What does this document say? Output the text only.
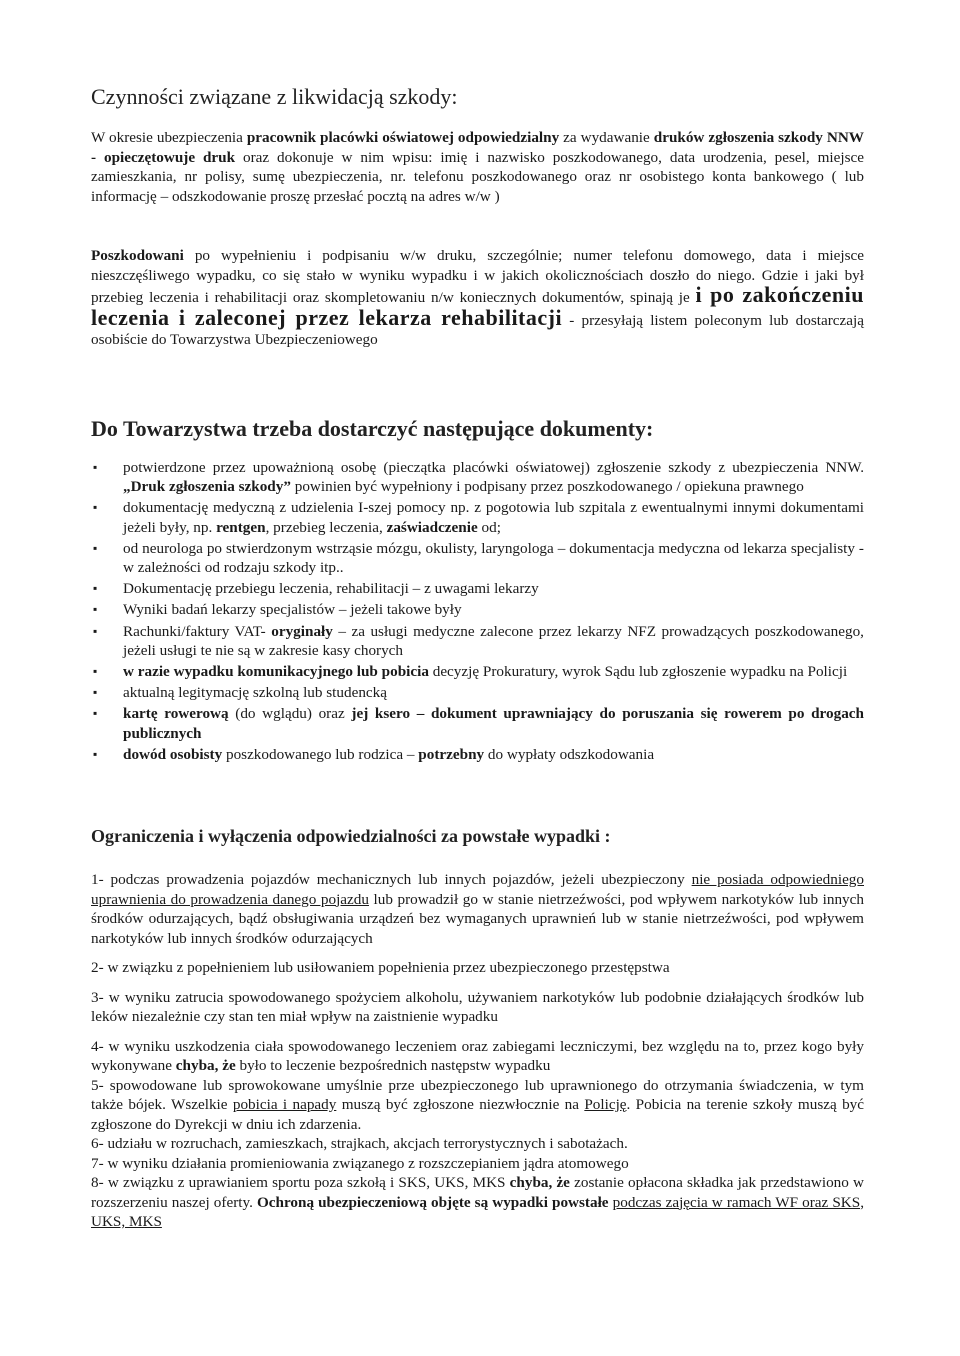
Czynności związane z likwidacją szkody:

W okresie ubezpieczenia pracownik placówki oświatowej odpowiedzialny za wydawanie druków zgłoszenia szkody NNW - opieczętowuje druk oraz dokonuje w nim wpisu: imię i nazwisko poszkodowanego, data urodzenia, pesel, miejsce zamieszkania, nr polisy, sumę ubezpieczenia, nr. telefonu poszkodowanego oraz nr osobistego konta bankowego ( lub informację – odszkodowanie proszę przesłać pocztą na adres w/w )

Poszkodowani po wypełnieniu i podpisaniu w/w druku, szczególnie; numer telefonu domowego, data i miejsce nieszczęśliwego wypadku, co się stało w wyniku wypadku i w jakich okolicznościach doszło do niego. Gdzie i jaki był przebieg leczenia i rehabilitacji oraz skompletowaniu n/w koniecznych dokumentów, spinają je i po zakończeniu leczenia i zaleconej przez lekarza rehabilitacji - przesyłają listem poleconym lub dostarczają osobiście do Towarzystwa Ubezpieczeniowego

Do Towarzystwa trzeba dostarczyć następujące dokumenty:
▪ potwierdzone przez upoważnioną osobę (pieczątka placówki oświatowej) zgłoszenie szkody z ubezpieczenia NNW. „Druk zgłoszenia szkody” powinien być wypełniony i podpisany przez poszkodowanego / opiekuna prawnego
▪ dokumentację medyczną z udzielenia I-szej pomocy np. z pogotowia lub szpitala z ewentualnymi innymi dokumentami jeżeli były, np. rentgen, przebieg leczenia, zaświadczenie od;
▪ od neurologa po stwierdzonym wstrząsie mózgu, okulisty, laryngologa – dokumentacja medyczna od lekarza specjalisty - w zależności od rodzaju szkody itp..
▪ Dokumentację przebiegu leczenia, rehabilitacji – z uwagami lekarzy
▪ Wyniki badań lekarzy specjalistów – jeżeli takowe były
▪ Rachunki/faktury VAT- oryginały – za usługi medyczne zalecone przez lekarzy NFZ prowadzących poszkodowanego, jeżeli usługi te nie są w zakresie kasy chorych
▪ w razie wypadku komunikacyjnego lub pobicia decyzję Prokuratury, wyrok Sądu lub zgłoszenie wypadku na Policji
▪ aktualną legitymację szkolną lub studencką
▪ kartę rowerową (do wglądu) oraz jej ksero – dokument uprawniający do poruszania się rowerem po drogach publicznych
▪ dowód osobisty poszkodowanego lub rodzica – potrzebny do wypłaty odszkodowania
Ograniczenia i wyłączenia odpowiedzialności za powstałe wypadki :

1- podczas prowadzenia pojazdów mechanicznych lub innych pojazdów, jeżeli ubezpieczony nie posiada odpowiedniego uprawnienia do prowadzenia danego pojazdu lub prowadził go w stanie nietrzeźwości, pod wpływem narkotyków lub innych środków odurzających, bądź obsługiwania urządzeń bez wymaganych uprawnień lub w stanie nietrzeźwości, pod wpływem narkotyków lub innych środków odurzających

2- w związku z popełnieniem lub usiłowaniem popełnienia przez ubezpieczonego przestępstwa

3- w wyniku zatrucia spowodowanego spożyciem alkoholu, używaniem narkotyków lub podobnie działających środków lub leków niezależnie czy stan ten miał wpływ na zaistnienie wypadku

4- w wyniku uszkodzenia ciała spowodowanego leczeniem oraz zabiegami leczniczymi, bez względu na to, przez kogo były wykonywane chyba, że było to leczenie bezpośrednich następstw wypadku

5- spowodowane lub sprowokowane umyślnie prze ubezpieczonego lub uprawnionego do otrzymania świadczenia, w tym także bójek. Wszelkie pobicia i napady muszą być zgłoszone niezwłocznie na Policję. Pobicia na terenie szkoły muszą być zgłoszone do Dyrekcji w dniu ich zdarzenia.

6- udziału w rozruchach, zamieszkach, strajkach, akcjach terrorystycznych i sabotażach.

7- w wyniku działania promieniowania związanego z rozszczepianiem jądra atomowego

8- w związku z uprawianiem sportu poza szkołą i SKS, UKS, MKS chyba, że zostanie opłacona składka jak przedstawiono w rozszerzeniu naszej oferty. Ochroną ubezpieczeniową objęte są wypadki powstałe podczas zajęcia w ramach WF oraz SKS, UKS, MKS
